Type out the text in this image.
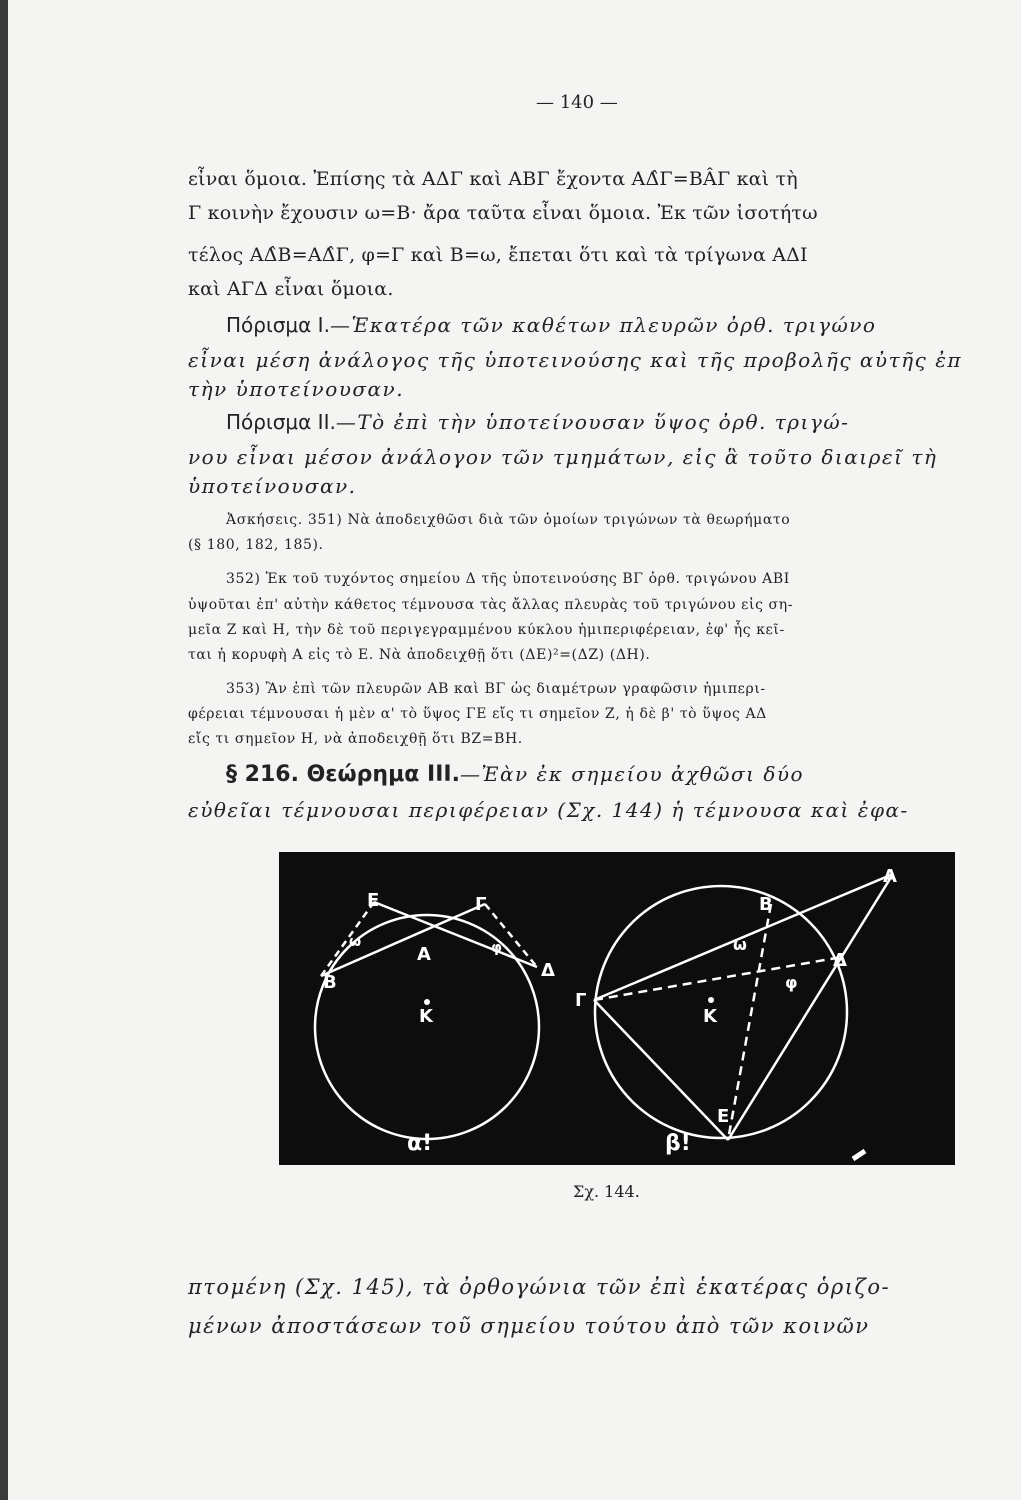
— 140 —
εἶναι ὅμοια. Ἐπίσης τὰ ΑΔΓ καὶ ΑΒΓ ἔχοντα ΑΔ̂Γ=ΒÂΓ καὶ τὴ
Γ κοινὴν ἔχουσιν ω=Β· ἄρα ταῦτα εἶναι ὅμοια. Ἐκ τῶν ἰσοτήτω
τέλος ΑΔ̂Β=ΑΔ̂Γ, φ=Γ καὶ Β=ω, ἔπεται ὅτι καὶ τὰ τρίγωνα ΑΔΙ
καὶ ΑΓΔ εἶναι ὅμοια.
Πόρισμα Ι.—Ἑκατέρα τῶν καθέτων πλευρῶν ὀρθ. τριγώνο
εἶναι μέση ἀνάλογος τῆς ὑποτεινούσης καὶ τῆς προβολῆς αὐτῆς ἐπ
τὴν ὑποτείνουσαν.
Πόρισμα ΙΙ.—Τὸ ἐπὶ τὴν ὑποτείνουσαν ὕψος ὀρθ. τριγώ-
νου εἶναι μέσον ἀνάλογον τῶν τμημάτων, εἰς ἃ τοῦτο διαιρεῖ τὴ
ὑποτείνουσαν.
Ἀσκήσεις. 351) Νὰ ἀποδειχθῶσι διὰ τῶν ὁμοίων τριγώνων τὰ θεωρήματο
(§ 180, 182, 185).
352) Ἐκ τοῦ τυχόντος σημείου Δ τῆς ὑποτεινούσης ΒΓ ὀρθ. τριγώνου ΑΒΙ
ὑψοῦται ἐπ' αὐτὴν κάθετος τέμνουσα τὰς ἄλλας πλευρὰς τοῦ τριγώνου εἰς ση-
μεῖα Ζ καὶ Η, τὴν δὲ τοῦ περιγεγραμμένου κύκλου ἡμιπεριφέρειαν, ἐφ' ἧς κεῖ-
ται ἡ κορυφὴ Α εἰς τὸ Ε. Νὰ ἀποδειχθῇ ὅτι (ΔΕ)²=(ΔΖ) (ΔΗ).
353) Ἂν ἐπὶ τῶν πλευρῶν ΑΒ καὶ ΒΓ ὡς διαμέτρων γραφῶσιν ἡμιπερι-
φέρειαι τέμνουσαι ἡ μὲν α' τὸ ὕψος ΓΕ εἴς τι σημεῖον Ζ, ἡ δὲ β' τὸ ὕψος ΑΔ
εἴς τι σημεῖον Η, νὰ ἀποδειχθῇ ὅτι ΒΖ=ΒΗ.
§ 216. Θεώρημα ΙΙΙ.—Ἐὰν ἐκ σημείου ἀχθῶσι δύο
εὐθεῖαι τέμνουσαι περιφέρειαν (Σχ. 144) ἡ τέμνουσα καὶ ἐφα-
E	Γ
A
B
Δ
Κ
ω	φ
α!
A
B
Γ
Δ
Κ
E
ω
φ
β!
Σχ. 144.
πτομένη (Σχ. 145), τὰ ὀρθογώνια τῶν ἐπὶ ἑκατέρας ὁριζο-
μένων ἀποστάσεων τοῦ σημείου τούτου ἀπὸ τῶν κοινῶν
